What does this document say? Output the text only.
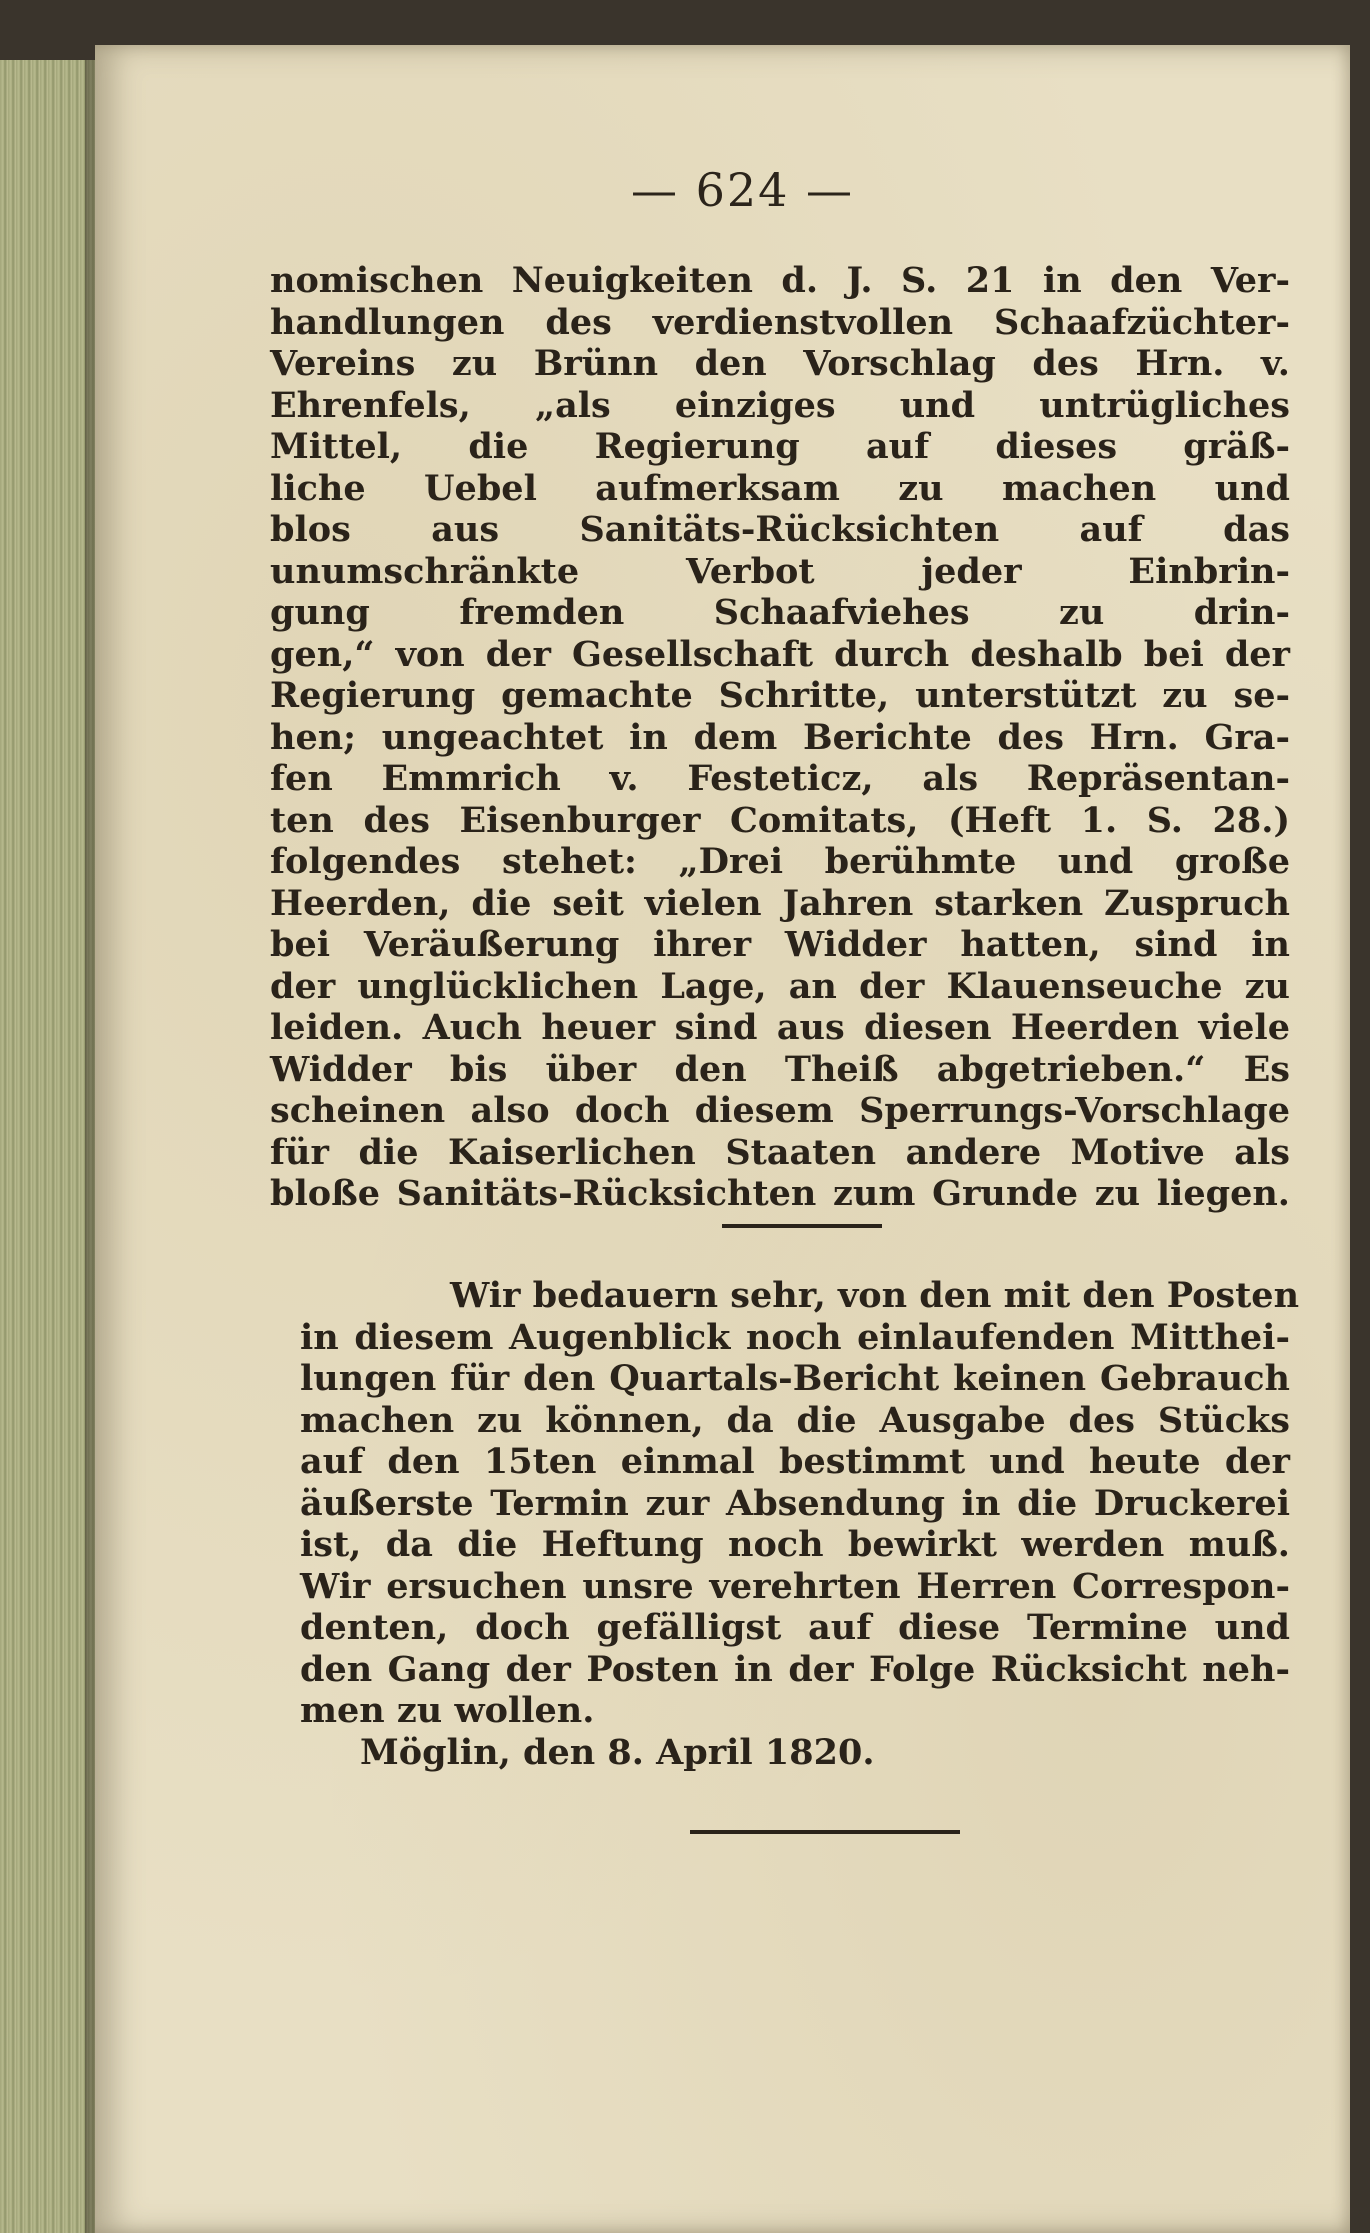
— 624 —
nomischen Neuigkeiten d. J. S. 21 in den Ver-
handlungen des verdienstvollen Schaafzüchter-
Vereins zu Brünn den Vorschlag des Hrn. v.
Ehrenfels, „als einziges und untrügliches
Mittel, die Regierung auf dieses gräß-
liche Uebel aufmerksam zu machen und
blos aus Sanitäts-Rücksichten auf das
unumschränkte Verbot jeder Einbrin-
gung fremden Schaafviehes zu drin-
gen,“ von der Gesellschaft durch deshalb bei der
Regierung gemachte Schritte, unterstützt zu se-
hen; ungeachtet in dem Berichte des Hrn. Gra-
fen Emmrich v. Festeticz, als Repräsentan-
ten des Eisenburger Comitats, (Heft 1. S. 28.)
folgendes stehet: „Drei berühmte und große
Heerden, die seit vielen Jahren starken Zuspruch
bei Veräußerung ihrer Widder hatten, sind in
der unglücklichen Lage, an der Klauenseuche zu
leiden. Auch heuer sind aus diesen Heerden viele
Widder bis über den Theiß abgetrieben.“ Es
scheinen also doch diesem Sperrungs-Vorschlage
für die Kaiserlichen Staaten andere Motive als
bloße Sanitäts-Rücksichten zum Grunde zu liegen.
Wir bedauern sehr, von den mit den Posten
in diesem Augenblick noch einlaufenden Mitthei-
lungen für den Quartals-Bericht keinen Gebrauch
machen zu können, da die Ausgabe des Stücks
auf den 15ten einmal bestimmt und heute der
äußerste Termin zur Absendung in die Druckerei
ist, da die Heftung noch bewirkt werden muß.
Wir ersuchen unsre verehrten Herren Correspon-
denten, doch gefälligst auf diese Termine und
den Gang der Posten in der Folge Rücksicht neh-
men zu wollen.
Möglin, den 8. April 1820.
